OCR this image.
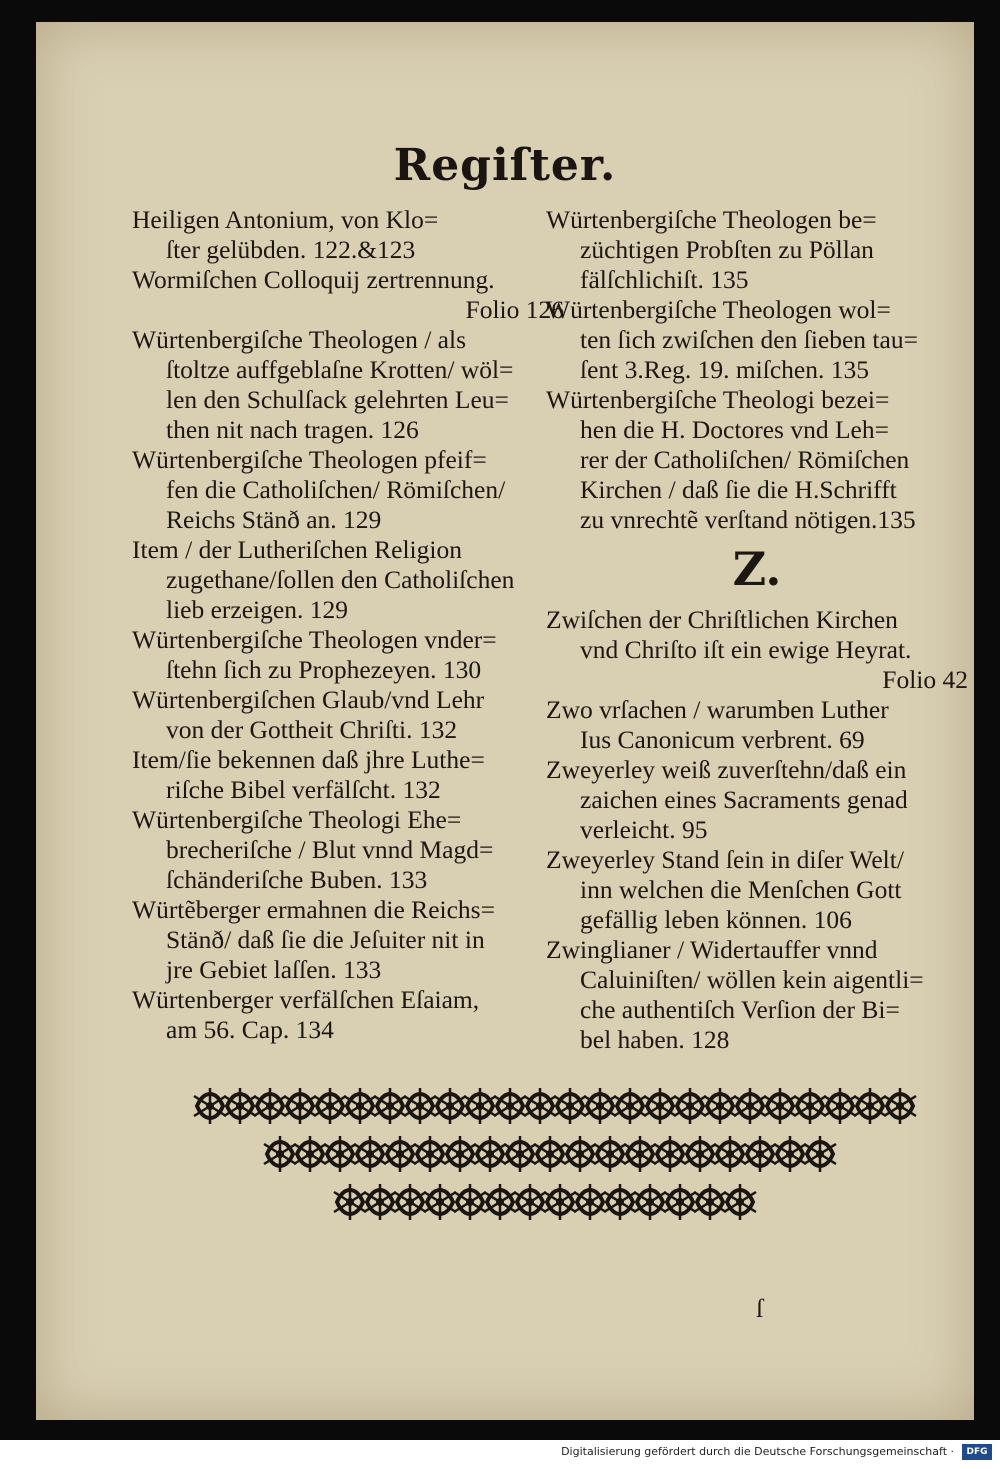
Regiſter.
Heiligen Antonium, von Klo=
ſter gelübden. 122.&123
Wormiſchen Colloquij zertrennung.
Folio 126
Würtenbergiſche Theologen / als
ſtoltze auffgeblaſne Krotten/ wöl=
len den Schulſack gelehrten Leu=
then nit nach tragen. 126
Würtenbergiſche Theologen pfeif=
fen die Catholiſchen/ Römiſchen/
Reichs Stänð an. 129
Item / der Lutheriſchen Religion
zugethane/ſollen den Catholiſchen
lieb erzeigen. 129
Würtenbergiſche Theologen vnder=
ſtehn ſich zu Prophezeyen. 130
Würtenbergiſchen Glaub/vnd Lehr
von der Gottheit Chriſti. 132
Item/ſie bekennen daß jhre Luthe=
riſche Bibel verfälſcht. 132
Würtenbergiſche Theologi Ehe=
brecheriſche / Blut vnnd Magd=
ſchänderiſche Buben. 133
Würtẽberger ermahnen die Reichs=
Stänð/ daß ſie die Jeſuiter nit in
jre Gebiet laſſen. 133
Würtenberger verfälſchen Eſaiam,
am 56. Cap. 134
Würtenbergiſche Theologen be=
züchtigen Probſten zu Pöllan
fälſchlichiſt. 135
Würtenbergiſche Theologen wol=
ten ſich zwiſchen den ſieben tau=
ſent 3.Reg. 19. miſchen. 135
Würtenbergiſche Theologi bezei=
hen die H. Doctores vnd Leh=
rer der Catholiſchen/ Römiſchen
Kirchen / daß ſie die H.Schrifft
zu vnrechtẽ verſtand nötigen.135
Z.
Zwiſchen der Chriſtlichen Kirchen
vnd Chriſto iſt ein ewige Heyrat.
Folio 42
Zwo vrſachen / warumben Luther
Ius Canonicum verbrent. 69
Zweyerley weiß zuverſtehn/daß ein
zaichen eines Sacraments genad
verleicht. 95
Zweyerley Stand ſein in diſer Welt/
inn welchen die Menſchen Gott
gefällig leben können. 106
Zwinglianer / Widertauffer vnnd
Caluiniſten/ wöllen kein aigentli=
che authentiſch Verſion der Bi=
bel haben. 128
ſ
Digitalisierung gefördert durch die Deutsche Forschungsgemeinschaft ·	DFG
